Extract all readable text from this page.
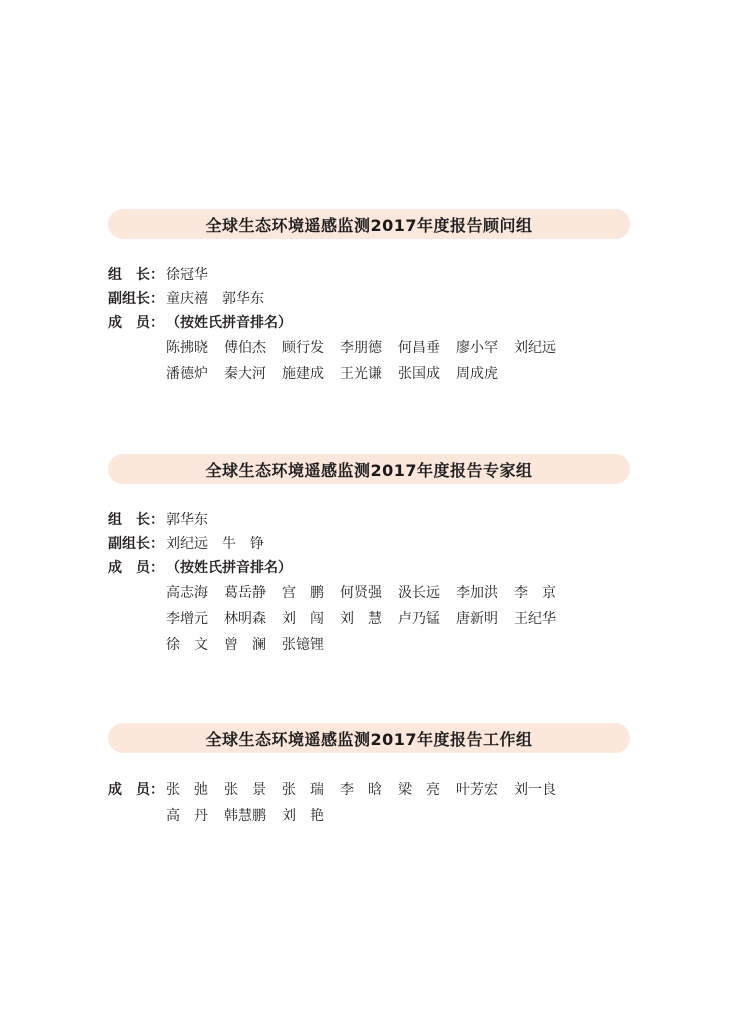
全球生态环境遥感监测2017年度报告顾问组
组　长： 徐冠华
副组长： 童庆禧 郭华东
成　员： （按姓氏拼音排名）
陈拂晓	傅伯杰	顾行发	李朋德	何昌垂	廖小罕	刘纪远
潘德炉	秦大河	施建成	王光谦	张国成	周成虎
全球生态环境遥感监测2017年度报告专家组
组　长： 郭华东
副组长： 刘纪远 牛　铮
成　员： （按姓氏拼音排名）
高志海	葛岳静	宫　鹏	何贤强	汲长远	李加洪	李　京
李增元	林明森	刘　闯	刘　慧	卢乃锰	唐新明	王纪华
徐　文	曾　澜	张镱锂
全球生态环境遥感监测2017年度报告工作组
成　员： 张　弛	张　景	张　瑞	李　晗	梁　亮	叶芳宏	刘一良
高　丹	韩慧鹏	刘　艳
